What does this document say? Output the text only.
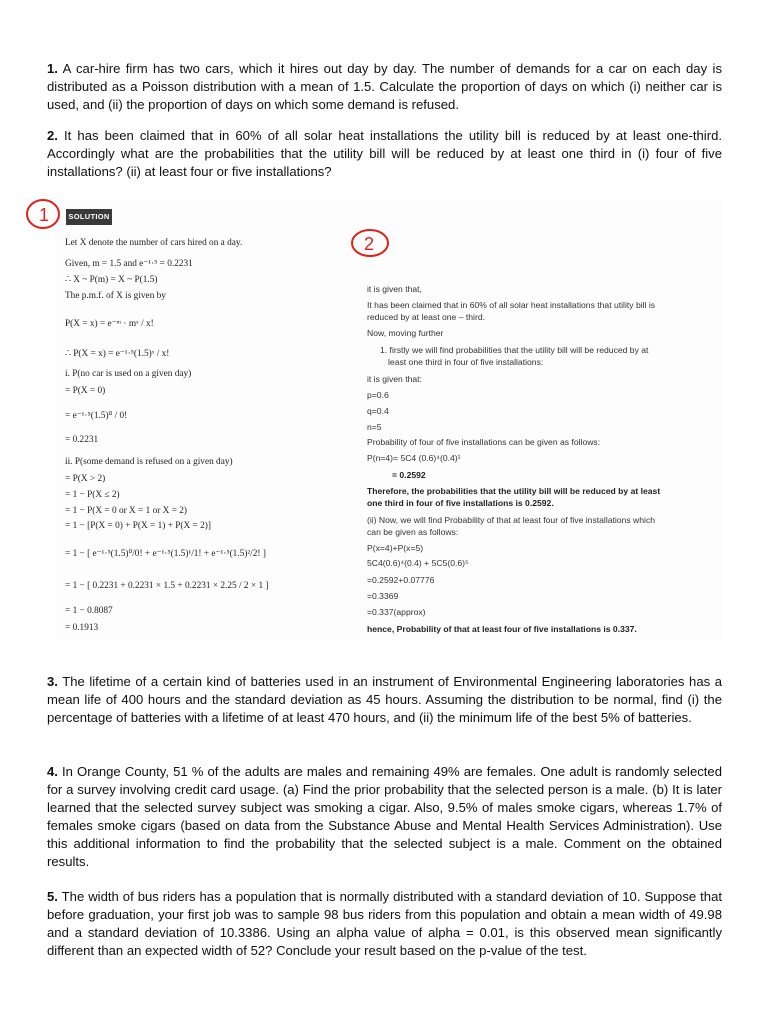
1. A car-hire firm has two cars, which it hires out day by day. The number of demands for a car on each day is distributed as a Poisson distribution with a mean of 1.5. Calculate the proportion of days on which (i) neither car is used, and (ii) the proportion of days on which some demand is refused.
2. It has been claimed that in 60% of all solar heat installations the utility bill is reduced by at least one-third. Accordingly what are the probabilities that the utility bill will be reduced by at least one third in (i) four of five installations? (ii) at least four or five installations?
1
2
SOLUTION
Let X denote the number of cars hired on a day.
Given, m = 1.5 and e⁻¹·⁵ = 0.2231
∴ X ~ P(m) = X ~ P(1.5)
The p.m.f. of X is given by
P(X = x) = e⁻ᵐ · mˣ / x!
∴ P(X = x) = e⁻¹·⁵(1.5)ˣ / x!
i. P(no car is used on a given day)
= P(X = 0)
= e⁻¹·⁵(1.5)⁰ / 0!
= 0.2231
ii. P(some demand is refused on a given day)
= P(X > 2)
= 1 − P(X ≤ 2)
= 1 − P(X = 0 or X = 1 or X = 2)
= 1 − [P(X = 0) + P(X = 1) + P(X = 2)]
= 1 − [ e⁻¹·⁵(1.5)⁰/0! + e⁻¹·⁵(1.5)¹/1! + e⁻¹·⁵(1.5)²/2! ]
= 1 − [ 0.2231 + 0.2231 × 1.5 + 0.2231 × 2.25 / 2 × 1 ]
= 1 − 0.8087
= 0.1913
it is given that,
It has been claimed that in 60% of all solar heat installations that utility bill is
reduced by at least one – third.
Now, moving further
1. firstly we will find probabilities that the utility bill will be reduced by at
least one third in four of five installations:
it is given that:
p=0.6
q=0.4
n=5
Probability of four of five installations can be given as follows:
P(n=4)= 5C4 (0.6)⁴(0.4)¹
= 0.2592
Therefore, the probabilities that the utility bill will be reduced by at least
one third in four of five installations is 0.2592.
(ii) Now, we will find Probability of that at least four of five installations which
can be given as follows:
P(x=4)+P(x=5)
5C4(0.6)⁴(0.4) + 5C5(0.6)⁵
=0.2592+0.07776
=0.3369
=0.337(approx)
hence, Probability of that at least four of five installations is 0.337.
3. The lifetime of a certain kind of batteries used in an instrument of Environmental Engineering laboratories has a mean life of 400 hours and the standard deviation as 45 hours. Assuming the distribution to be normal, find (i) the percentage of batteries with a lifetime of at least 470 hours, and (ii) the minimum life of the best 5% of batteries.
4. In Orange County, 51 % of the adults are males and remaining 49% are females. One adult is randomly selected for a survey involving credit card usage. (a) Find the prior probability that the selected person is a male. (b) It is later learned that the selected survey subject was smoking a cigar. Also, 9.5% of males smoke cigars, whereas 1.7% of females smoke cigars (based on data from the Substance Abuse and Mental Health Services Administration). Use this additional information to find the probability that the selected subject is a male. Comment on the obtained results.
5. The width of bus riders has a population that is normally distributed with a standard deviation of 10. Suppose that before graduation, your first job was to sample 98 bus riders from this population and obtain a mean width of 49.98 and a standard deviation of 10.3386. Using an alpha value of alpha = 0.01, is this observed mean significantly different than an expected width of 52? Conclude your result based on the p-value of the test.
